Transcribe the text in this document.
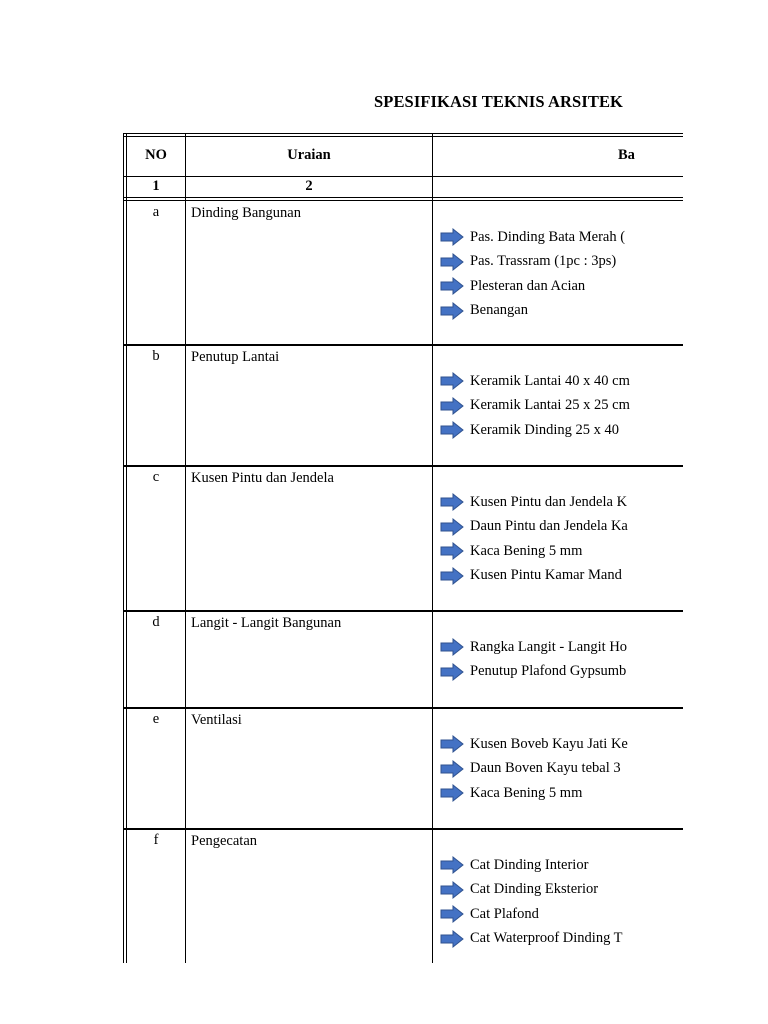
SPESIFIKASI TEKNIS ARSITEK
NO	Uraian	Ba
1	2
a	Dinding Bangunan
Pas. Dinding Bata Merah (
Pas. Trassram (1pc : 3ps)
Plesteran dan Acian
Benangan
b	Penutup Lantai
Keramik Lantai 40 x 40 cm
Keramik Lantai 25 x 25 cm
Keramik Dinding 25 x 40
c	Kusen Pintu dan Jendela
Kusen Pintu dan Jendela K
Daun Pintu dan Jendela Ka
Kaca Bening 5 mm
Kusen Pintu Kamar Mand
d	Langit - Langit Bangunan
Rangka Langit - Langit Ho
Penutup Plafond Gypsumb
e	Ventilasi
Kusen Boveb Kayu Jati Ke
Daun Boven Kayu tebal 3
Kaca Bening 5 mm
f	Pengecatan
Cat Dinding Interior
Cat Dinding Eksterior
Cat Plafond
Cat Waterproof Dinding T
